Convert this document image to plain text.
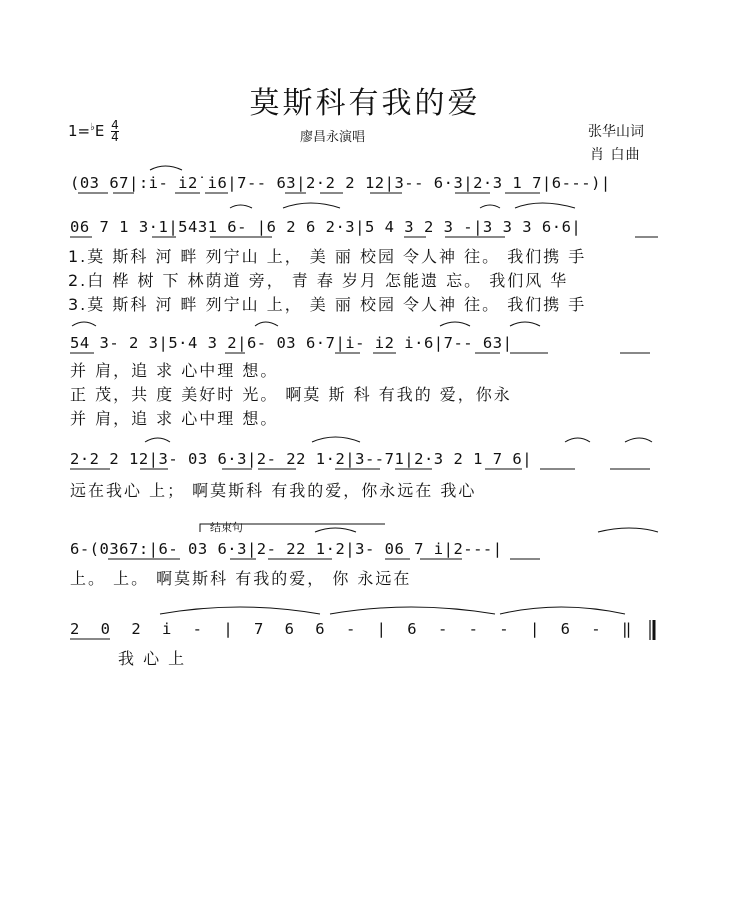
莫斯科有我的爱
$1=^♭E \frac{4}{4}$	廖昌永演唱	张华山词
肖 白曲
(03 67|:i̇- i̇2̇ i̇6|7-- 63|2·2 2 12|3-- 6·3|2·3 1 7|6---)|
06 7 1 3·1|5431 6- |6 2 6 2·3|5 4 3 2 3 -|3 3 3 6·6|
1.莫 斯科 河 畔 列宁山 上， 美 丽 校园 令人神 往。 我们携 手
2.白 桦 树 下 林荫道 旁， 青 春 岁月 怎能遗 忘。 我们风 华
3.莫 斯科 河 畔 列宁山 上， 美 丽 校园 令人神 往。 我们携 手
54 3- 2 3|5·4 3 2|6- 03 6·7|i- i2 i·6|7-- 63|
并 肩，追 求 心中理 想。
正 茂，共 度 美好时 光。 啊莫 斯 科 有我的 爱，你永
并 肩，追 求 心中理 想。
2·2 2 12|3- 03 6·3|2- 22 1·2|3--71|2·3 2 1 7 6|
远在我心 上； 啊莫斯科 有我的爱，你永远在 我心
结束句
6-(0367:|6- 03 6·3|2- 22 1·2|3- 06 7 i|2---|
上。 上。 啊莫斯科 有我的爱， 你 永远在
2 0 2 i - | 7 6 6 - | 6 - - - | 6 - ‖
我 心 上
